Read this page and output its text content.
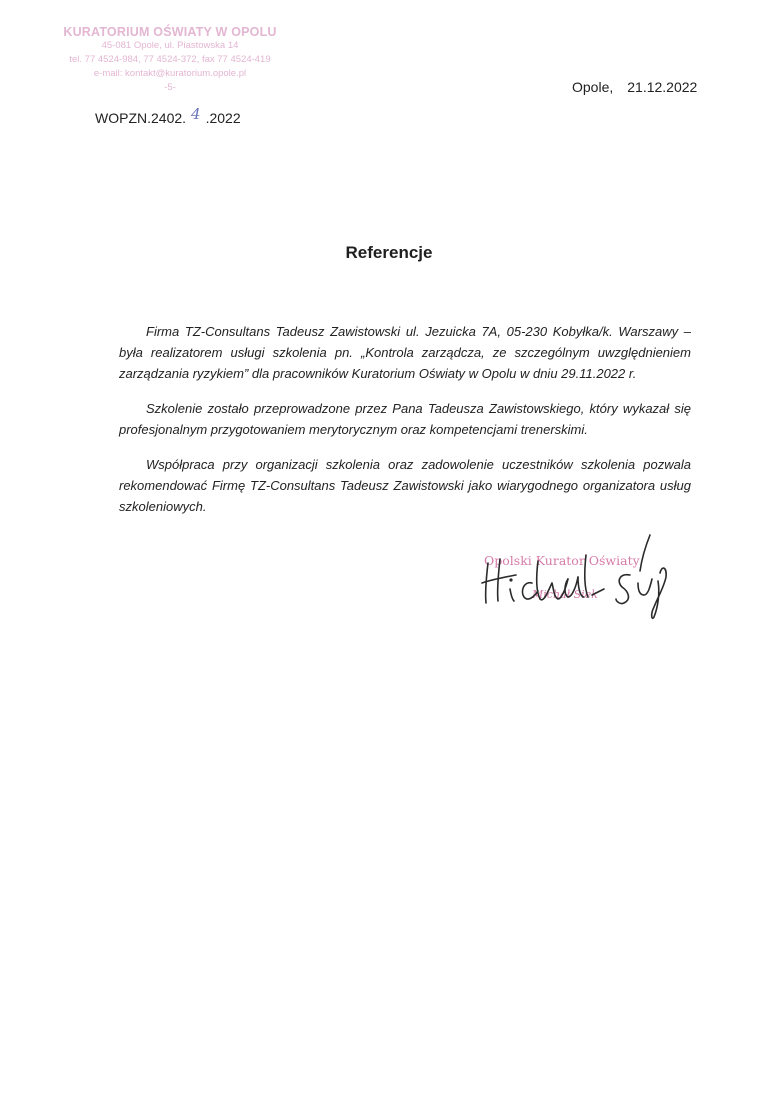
KURATORIUM OŚWIATY W OPOLU
45-081 Opole, ul. Piastowska 14
tel. 77 4524-984, 77 4524-372, fax 77 4524-419
e-mail: kontakt@kuratorium.opole.pl
-5-	Opole, 21.12.2022
WOPZN.2402. 4 .2022
Referencje

Firma TZ-Consultans Tadeusz Zawistowski ul. Jezuicka 7A, 05-230 Kobyłka/k. Warszawy – była realizatorem usługi szkolenia pn. „Kontrola zarządcza, ze szczególnym uwzględnieniem zarządzania ryzykiem” dla pracowników Kuratorium Oświaty w Opolu w dniu 29.11.2022 r.

Szkolenie zostało przeprowadzone przez Pana Tadeusza Zawistowskiego, który wykazał się profesjonalnym przygotowaniem merytorycznym oraz kompetencjami trenerskimi.

Współpraca przy organizacji szkolenia oraz zadowolenie uczestników szkolenia pozwala rekomendować Firmę TZ-Consultans Tadeusz Zawistowski jako wiarygodnego organizatora usług szkoleniowych.

Opolski Kurator Oświaty
Michał Siek
